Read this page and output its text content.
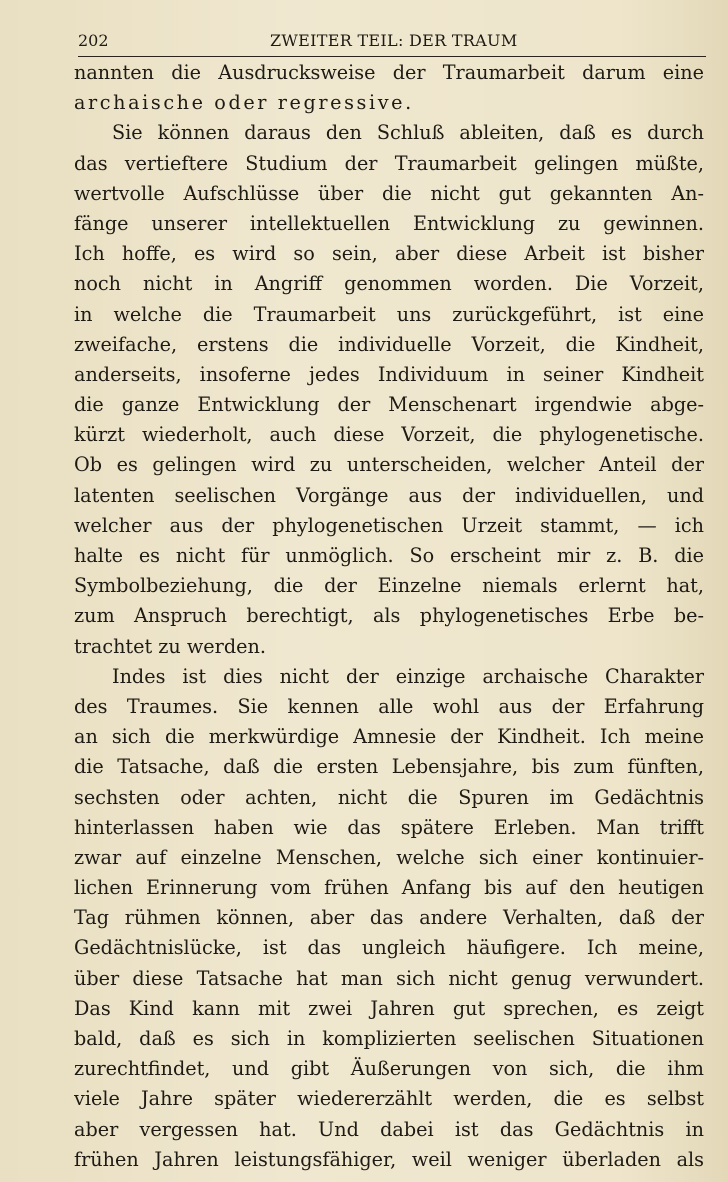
202	ZWEITER TEIL: DER TRAUM
nannten die Ausdrucksweise der Traumarbeit darum eine
archaische oder regressive.
Sie können daraus den Schluß ableiten, daß es durch
das vertieftere Studium der Traumarbeit gelingen müßte,
wertvolle Aufschlüsse über die nicht gut gekannten An-
fänge unserer intellektuellen Entwicklung zu gewinnen.
Ich hoffe, es wird so sein, aber diese Arbeit ist bisher
noch nicht in Angriff genommen worden. Die Vorzeit,
in welche die Traumarbeit uns zurückgeführt, ist eine
zweifache, erstens die individuelle Vorzeit, die Kindheit,
anderseits, insoferne jedes Individuum in seiner Kindheit
die ganze Entwicklung der Menschenart irgendwie abge-
kürzt wiederholt, auch diese Vorzeit, die phylogenetische.
Ob es gelingen wird zu unterscheiden, welcher Anteil der
latenten seelischen Vorgänge aus der individuellen, und
welcher aus der phylogenetischen Urzeit stammt, — ich
halte es nicht für unmöglich. So erscheint mir z. B. die
Symbolbeziehung, die der Einzelne niemals erlernt hat,
zum Anspruch berechtigt, als phylogenetisches Erbe be-
trachtet zu werden.
Indes ist dies nicht der einzige archaische Charakter
des Traumes. Sie kennen alle wohl aus der Erfahrung
an sich die merkwürdige Amnesie der Kindheit. Ich meine
die Tatsache, daß die ersten Lebensjahre, bis zum fünften,
sechsten oder achten, nicht die Spuren im Gedächtnis
hinterlassen haben wie das spätere Erleben. Man trifft
zwar auf einzelne Menschen, welche sich einer kontinuier-
lichen Erinnerung vom frühen Anfang bis auf den heutigen
Tag rühmen können, aber das andere Verhalten, daß der
Gedächtnislücke, ist das ungleich häufigere. Ich meine,
über diese Tatsache hat man sich nicht genug verwundert.
Das Kind kann mit zwei Jahren gut sprechen, es zeigt
bald, daß es sich in komplizierten seelischen Situationen
zurechtfindet, und gibt Äußerungen von sich, die ihm
viele Jahre später wiedererzählt werden, die es selbst
aber vergessen hat. Und dabei ist das Gedächtnis in
frühen Jahren leistungsfähiger, weil weniger überladen als
